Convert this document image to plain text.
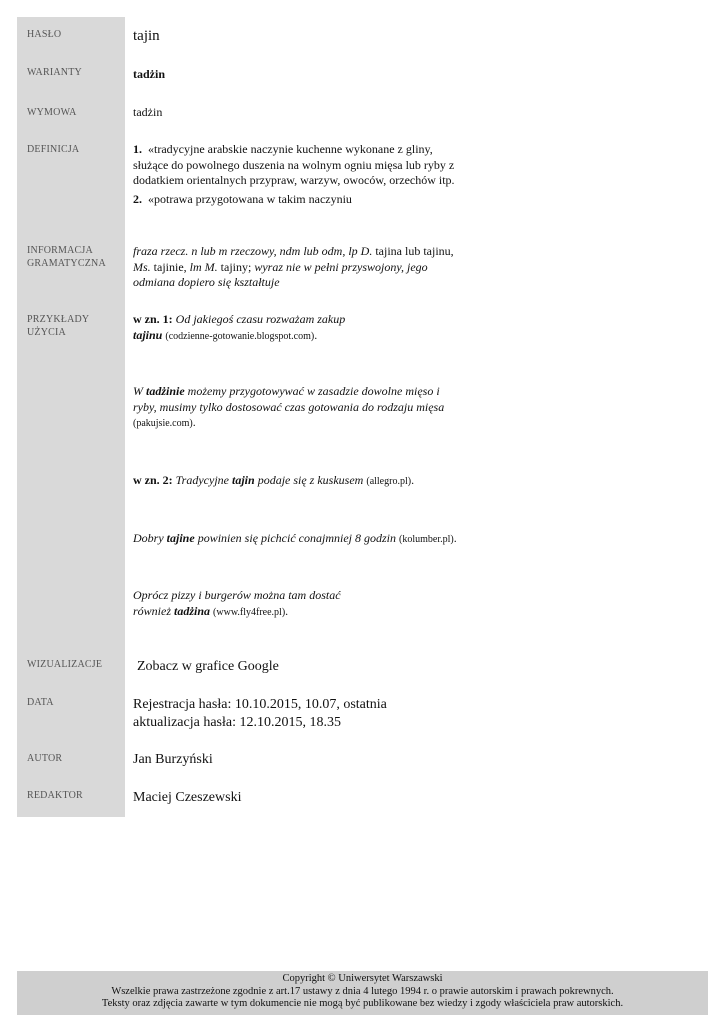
HASŁO
WARIANTY
WYMOWA
DEFINICJA
INFORMACJA
GRAMATYCZNA
PRZYKŁADY
UŻYCIA
WIZUALIZACJE
DATA
AUTOR
REDAKTOR
tajin
tadżin
tadżin
1. «tradycyjne arabskie naczynie kuchenne wykonane z gliny, służące do powolnego duszenia na wolnym ogniu mięsa lub ryby z dodatkiem orientalnych przypraw, warzyw, owoców, orzechów itp.
2. «potrawa przygotowana w takim naczyniu
fraza rzecz. n lub m rzeczowy, ndm lub odm, lp D. tajina lub tajinu, Ms. tajinie, lm M. tajiny; wyraz nie w pełni przyswojony, jego odmiana dopiero się kształtuje
w zn. 1: Od jakiegoś czasu rozważam zakup tajinu (codzienne-gotowanie.blogspot.com).
W tadżinie możemy przygotowywać w zasadzie dowolne mięso i ryby, musimy tylko dostosować czas gotowania do rodzaju mięsa (pakujsie.com).
w zn. 2: Tradycyjne tajin podaje się z kuskusem (allegro.pl).
Dobry tajine powinien się pichcić conajmniej 8 godzin (kolumber.pl).
Oprócz pizzy i burgerów można tam dostać również tadżina (www.fly4free.pl).
Zobacz w grafice Google
Rejestracja hasła: 10.10.2015, 10.07, ostatnia
aktualizacja hasła: 12.10.2015, 18.35
Jan Burzyński
Maciej Czeszewski
Copyright © Uniwersytet Warszawski
Wszelkie prawa zastrzeżone zgodnie z art.17 ustawy z dnia 4 lutego 1994 r. o prawie autorskim i prawach pokrewnych.
Teksty oraz zdjęcia zawarte w tym dokumencie nie mogą być publikowane bez wiedzy i zgody właściciela praw autorskich.
